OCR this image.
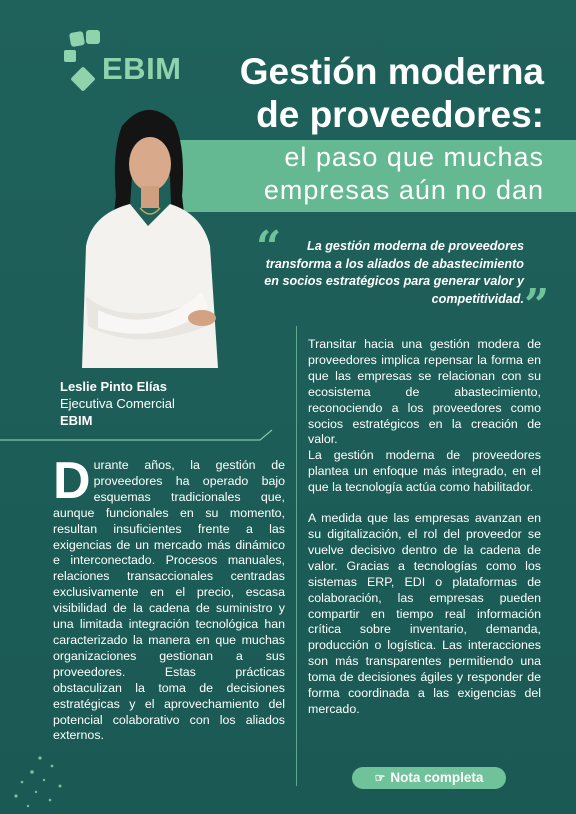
EBIM	Gestión moderna de proveedores:
el paso que muchas empresas aún no dan
“	La gestión moderna de proveedores transforma a los aliados de abastecimiento en socios estratégicos para generar valor y competitividad. ”
Leslie Pinto Elías
Ejecutiva Comercial
EBIM
Durante años, la gestión de proveedores ha operado bajo esquemas tradicionales que, aunque funcionales en su momento, resultan insuficientes frente a las exigencias de un mercado más dinámico e interconectado. Procesos manuales, relaciones transaccionales centradas exclusivamente en el precio, escasa visibilidad de la cadena de suministro y una limitada integración tecnológica han caracterizado la manera en que muchas organizaciones gestionan a sus proveedores. Estas prácticas obstaculizan la toma de decisiones estratégicas y el aprovechamiento del potencial colaborativo con los aliados externos.

Transitar hacia una gestión modera de proveedores implica repensar la forma en que las empresas se relacionan con su ecosistema de abastecimiento, reconociendo a los proveedores como socios estratégicos en la creación de valor.

La gestión moderna de proveedores plantea un enfoque más integrado, en el que la tecnología actúa como habilitador.

A medida que las empresas avanzan en su digitalización, el rol del proveedor se vuelve decisivo dentro de la cadena de valor. Gracias a tecnologías como los sistemas ERP, EDI o plataformas de colaboración, las empresas pueden compartir en tiempo real información crítica sobre inventario, demanda, producción o logística. Las interacciones son más transparentes permitiendo una toma de decisiones ágiles y responder de forma coordinada a las exigencias del mercado.

☞ Nota completa
